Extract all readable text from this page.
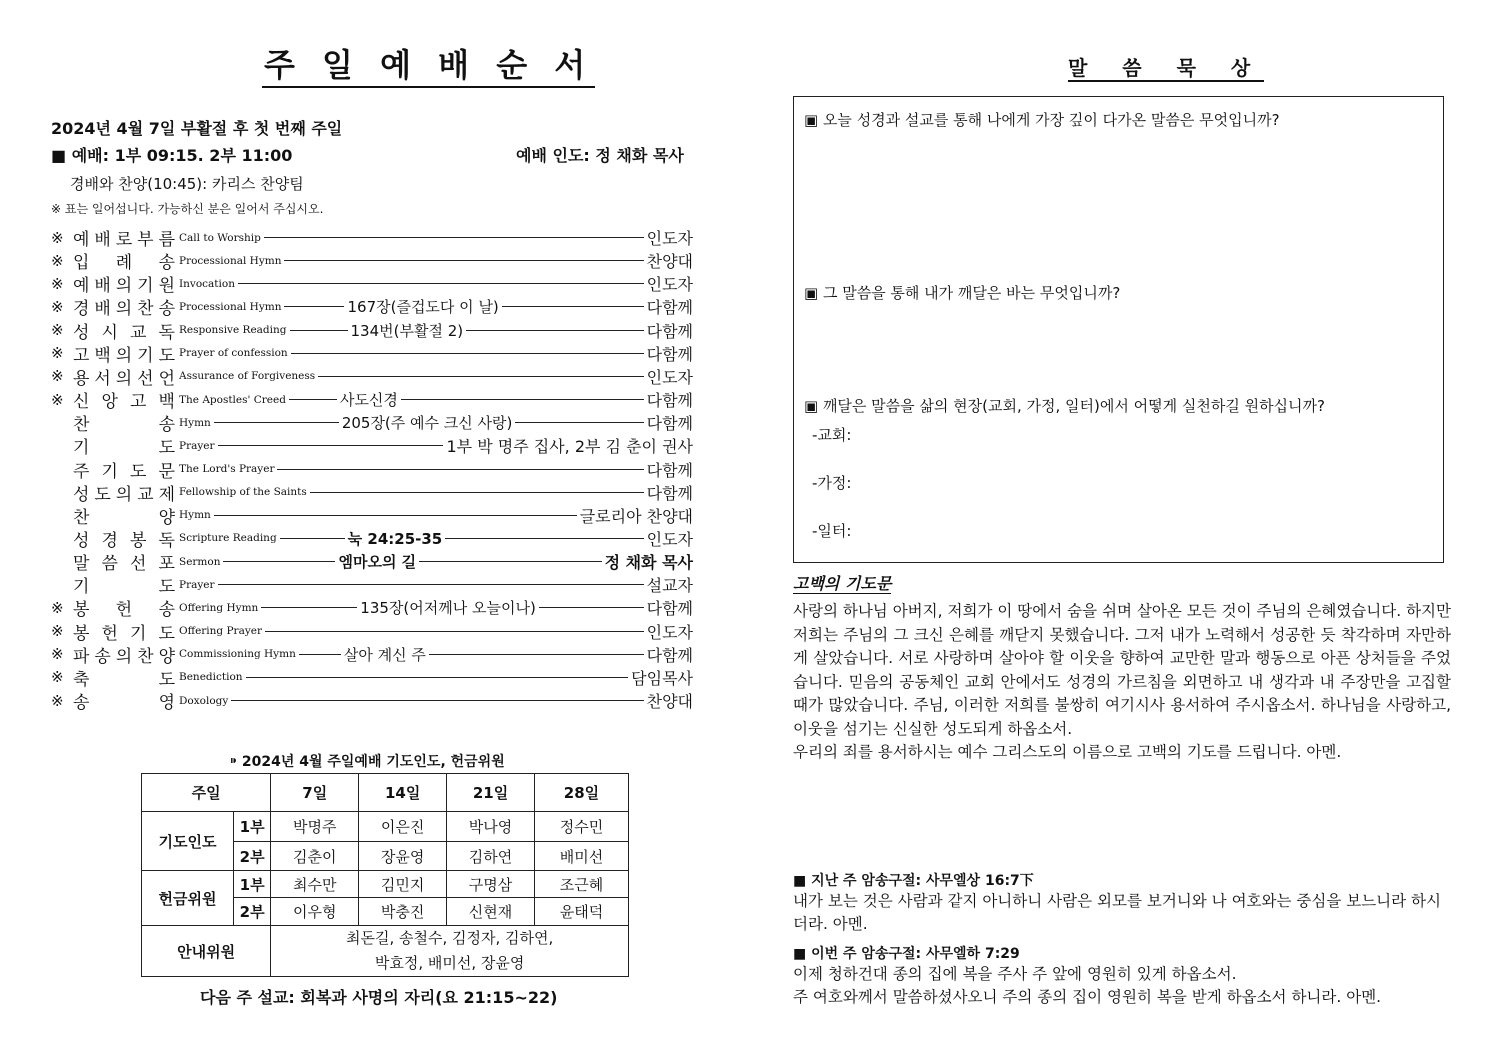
주 일 예 배 순 서
2024년 4월 7일 부활절 후 첫 번째 주일
■ 예배: 1부 09:15. 2부 11:00	예배 인도: 정 채화 목사
경배와 찬양(10:45): 카리스 찬양팀
※ 표는 일어섭니다. 가능하신 분은 일어서 주십시오.
※ 예 배 로 부 름 Call to Worship	인도자
※ 입 례 송 Processional Hymn	찬양대
※ 예 배 의 기 원 Invocation	인도자
※ 경 배 의 찬 송 Processional Hymn	167장(즐겁도다 이 날)	다함께
※ 성 시 교 독 Responsive Reading	134번(부활절 2)	다함께
※ 고 백 의 기 도 Prayer of confession	다함께
※ 용 서 의 선 언 Assurance of Forgiveness	인도자
※ 신 앙 고 백 The Apostles' Creed	사도신경	다함께
찬	송 Hymn	205장(주 예수 크신 사랑)	다함께
기	도 Prayer	1부 박 명주 집사, 2부 김 춘이 권사
주 기 도 문 The Lord's Prayer	다함께
성 도 의 교 제 Fellowship of the Saints	다함께
찬	양 Hymn	글로리아 찬양대
성 경 봉 독 Scripture Reading	눅 24:25-35	인도자
말 씀 선 포 Sermon	엠마오의 길	정 채화 목사
기	도 Prayer	설교자
※ 봉 헌 송 Offering Hymn	135장(어저께나 오늘이나)	다함께
※ 봉 헌 기 도 Offering Prayer	인도자
※ 파 송 의 찬 양 Commissioning Hymn	살아 계신 주	다함께
※ 축	도 Benediction	담임목사
※ 송	영 Doxology	찬양대
⁍ 2024년 4월 주일예배 기도인도, 헌금위원
주일		7일	14일	21일	28일
기도인도	1부	박명주	이은진	박나영	정수민
	2부	김춘이	장윤영	김하연	배미선
헌금위원	1부	최수만	김민지	구명삼	조근혜
	2부	이우형	박충진	신현재	윤태덕
안내위원		최돈길, 송철수, 김정자, 김하연,
박효정, 배미선, 장윤영			
다음 주 설교: 회복과 사명의 자리(요 21:15~22)
말 씀 묵 상
▣ 오늘 성경과 설교를 통해 나에게 가장 깊이 다가온 말씀은 무엇입니까?
▣ 그 말씀을 통해 내가 깨달은 바는 무엇입니까?
▣ 깨달은 말씀을 삶의 현장(교회, 가정, 일터)에서 어떻게 실천하길 원하십니까?
-교회:
-가정:
-일터:
고백의 기도문
사랑의 하나님 아버지, 저희가 이 땅에서 숨을 쉬며 살아온 모든 것이 주님의 은혜였습니다. 하지만 저희는 주님의 그 크신 은혜를 깨닫지 못했습니다. 그저 내가 노력해서 성공한 듯 착각하며 자만하게 살았습니다. 서로 사랑하며 살아야 할 이웃을 향하여 교만한 말과 행동으로 아픈 상처들을 주었습니다. 믿음의 공동체인 교회 안에서도 성경의 가르침을 외면하고 내 생각과 내 주장만을 고집할 때가 많았습니다. 주님, 이러한 저희를 불쌍히 여기시사 용서하여 주시옵소서. 하나님을 사랑하고, 이웃을 섬기는 신실한 성도되게 하옵소서.
우리의 죄를 용서하시는 예수 그리스도의 이름으로 고백의 기도를 드립니다. 아멘.
■ 지난 주 암송구절: 사무엘상 16:7下
내가 보는 것은 사람과 같지 아니하니 사람은 외모를 보거니와 나 여호와는 중심을 보느니라 하시더라. 아멘.
■ 이번 주 암송구절: 사무엘하 7:29
이제 청하건대 종의 집에 복을 주사 주 앞에 영원히 있게 하옵소서.
주 여호와께서 말씀하셨사오니 주의 종의 집이 영원히 복을 받게 하옵소서 하니라. 아멘.
